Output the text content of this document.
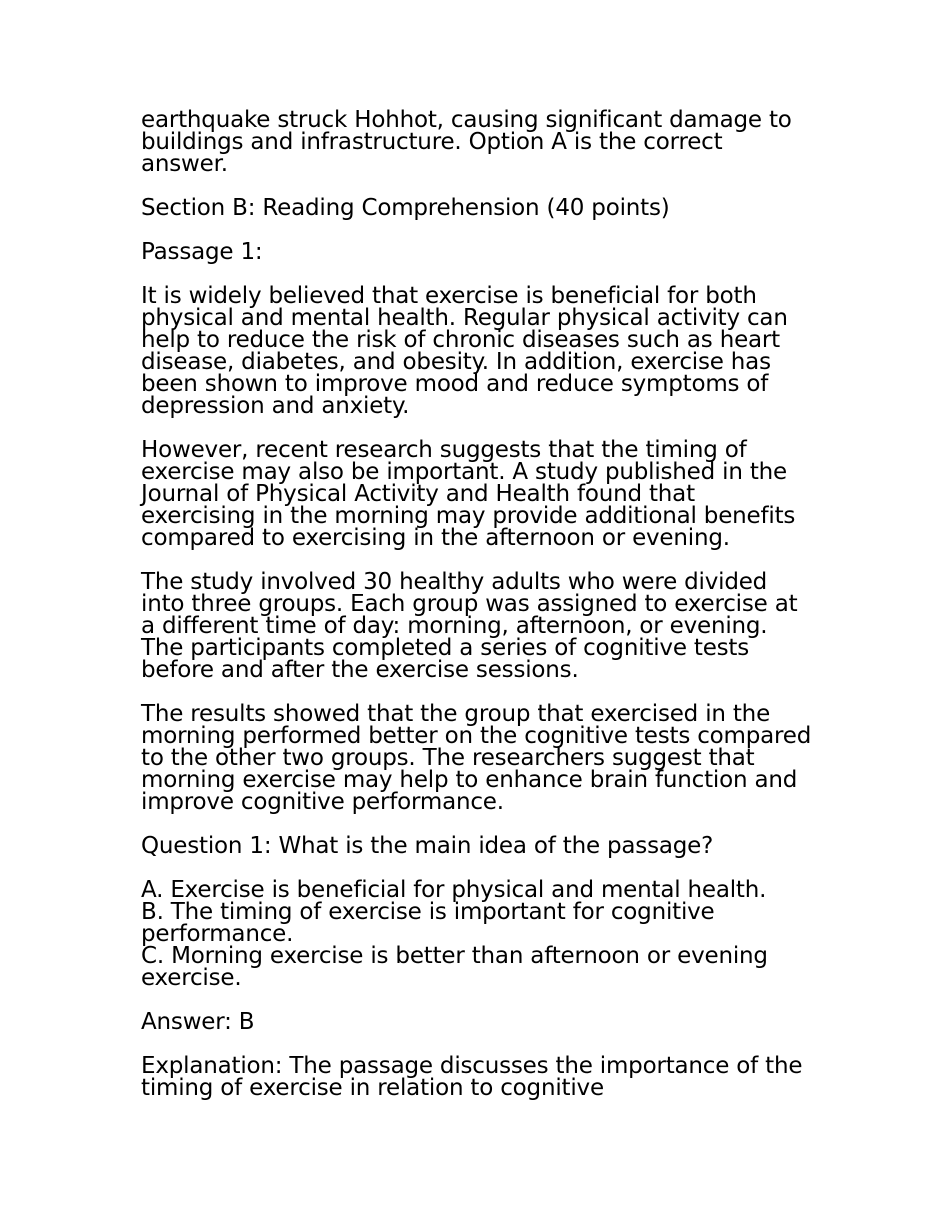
earthquake struck Hohhot, causing significant damage to buildings and infrastructure. Option A is the correct answer.

Section B: Reading Comprehension (40 points)

Passage 1:

It is widely believed that exercise is beneficial for both physical and mental health. Regular physical activity can help to reduce the risk of chronic diseases such as heart disease, diabetes, and obesity. In addition, exercise has been shown to improve mood and reduce symptoms of depression and anxiety.

However, recent research suggests that the timing of exercise may also be important. A study published in the Journal of Physical Activity and Health found that exercising in the morning may provide additional benefits compared to exercising in the afternoon or evening.

The study involved 30 healthy adults who were divided into three groups. Each group was assigned to exercise at a different time of day: morning, afternoon, or evening. The participants completed a series of cognitive tests before and after the exercise sessions.

The results showed that the group that exercised in the morning performed better on the cognitive tests compared to the other two groups. The researchers suggest that morning exercise may help to enhance brain function and improve cognitive performance.

Question 1: What is the main idea of the passage?

A. Exercise is beneficial for physical and mental health.
B. The timing of exercise is important for cognitive performance.
C. Morning exercise is better than afternoon or evening exercise.

Answer: B

Explanation: The passage discusses the importance of the timing of exercise in relation to cognitive
